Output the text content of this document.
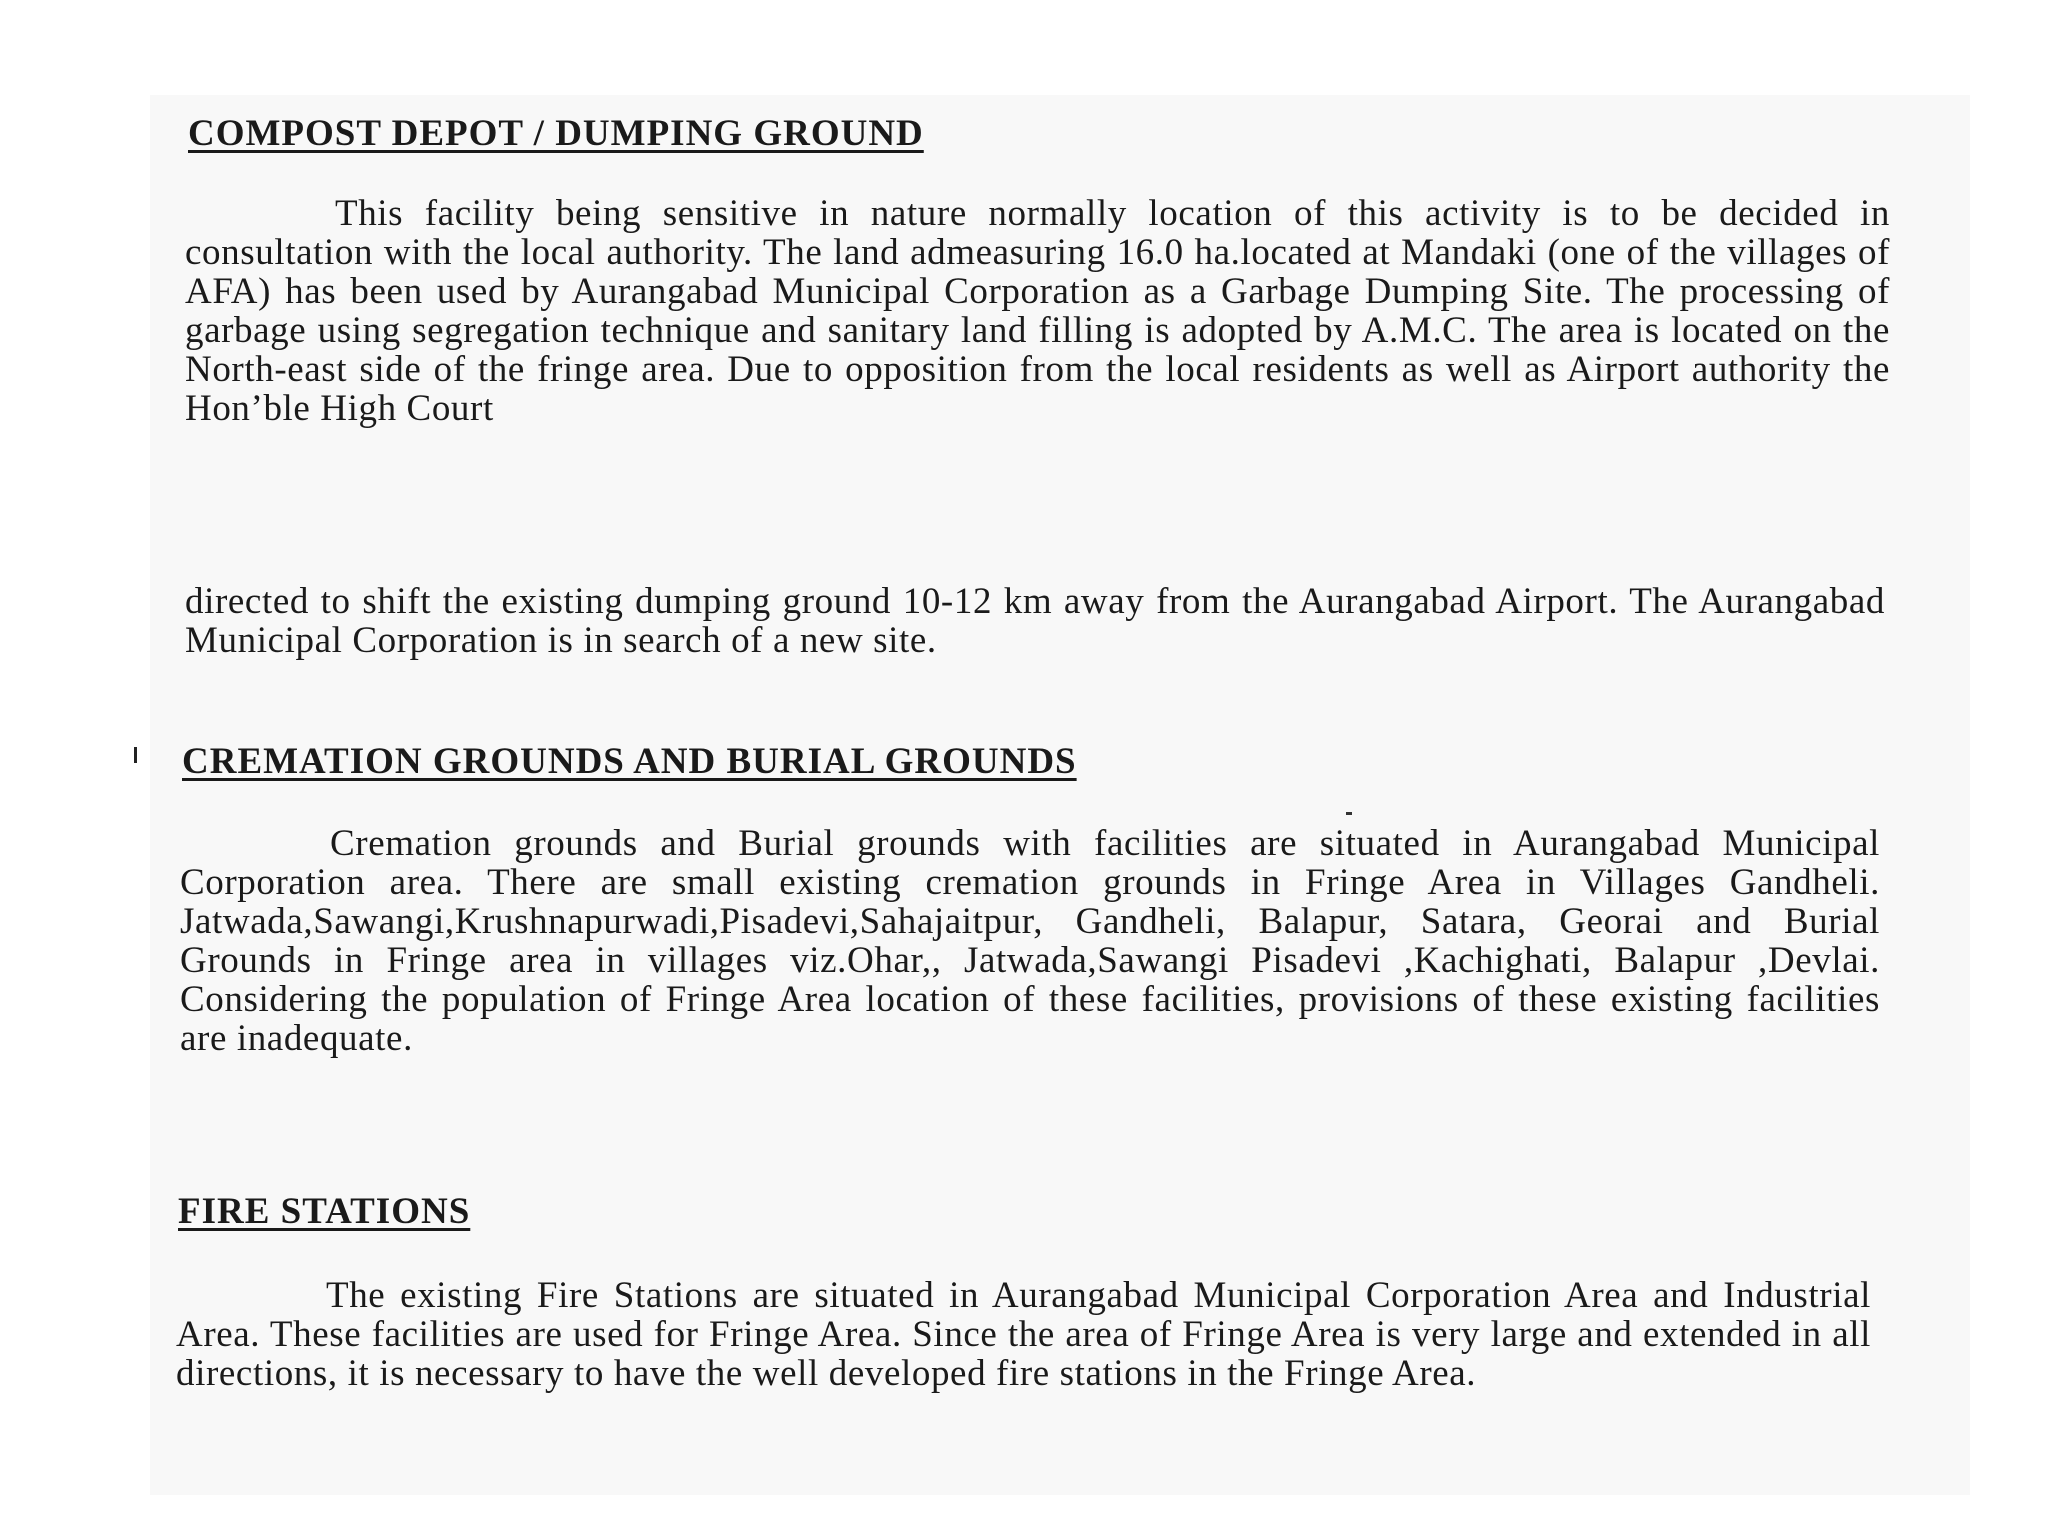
COMPOST DEPOT / DUMPING GROUND

This facility being sensitive in nature normally location of this activity is to be decided in consultation with the local authority. The land admeasuring 16.0 ha.located at Mandaki (one of the villages of AFA) has been used by Aurangabad Municipal Corporation as a Garbage Dumping Site. The processing of garbage using segregation technique and sanitary land filling is adopted by A.M.C. The area is located on the North-east side of the fringe area. Due to opposition from the local residents as well as Airport authority the Hon’ble High Court

directed to shift the existing dumping ground 10-12 km away from the Aurangabad Airport. The Aurangabad Municipal Corporation is in search of a new site.

CREMATION GROUNDS AND BURIAL GROUNDS

Cremation grounds and Burial grounds with facilities are situated in Aurangabad Municipal Corporation area. There are small existing cremation grounds in Fringe Area in Villages Gandheli. Jatwada,Sawangi,Krushnapurwadi,Pisadevi,Sahajaitpur, Gandheli, Balapur, Satara, Georai and Burial Grounds in Fringe area in villages viz.Ohar,, Jatwada,Sawangi Pisadevi ,Kachighati, Balapur ,Devlai. Considering the population of Fringe Area location of these facilities, provisions of these existing facilities are inadequate.

FIRE STATIONS

The existing Fire Stations are situated in Aurangabad Municipal Corporation Area and Industrial Area. These facilities are used for Fringe Area. Since the area of Fringe Area is very large and extended in all directions, it is necessary to have the well developed fire stations in the Fringe Area.
